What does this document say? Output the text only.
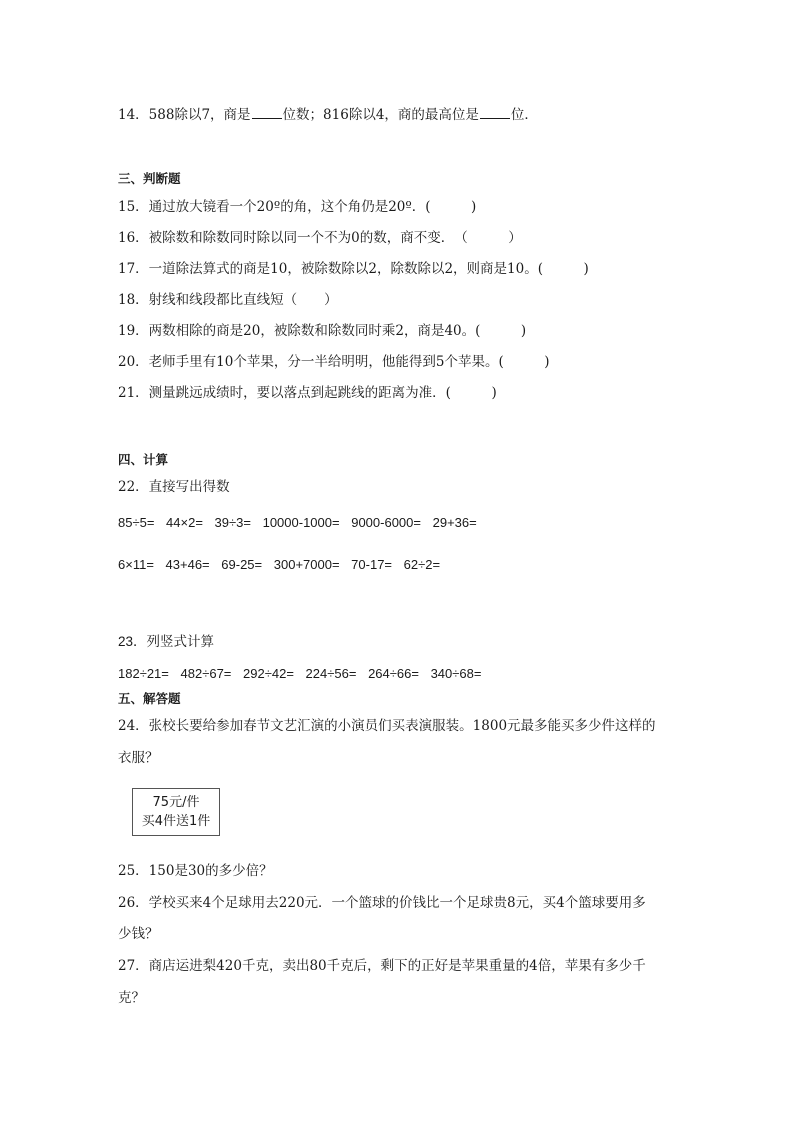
14．588除以7，商是 位数；816除以4，商的最高位是 位．
三、判断题
15．通过放大镜看一个20º的角，这个角仍是20º．(　　　)
16．被除数和除数同时除以同一个不为0的数，商不变．　（　　　）
17．一道除法算式的商是10，被除数除以2，除数除以2，则商是10。(　　　)
18．射线和线段都比直线短（　　）
19．两数相除的商是20，被除数和除数同时乘2，商是40。(　　　)
20．老师手里有10个苹果，分一半给明明，他能得到5个苹果。(　　　)
21．测量跳远成绩时，要以落点到起跳线的距离为准．(　　　)
四、计算
22．直接写出得数
85÷5= 44×2= 39÷3= 10000-1000= 9000-6000= 29+36=
6×11= 43+46= 69-25= 300+7000= 70-17= 62÷2=
23．列竖式计算
182÷21= 482÷67= 292÷42= 224÷56= 264÷66= 340÷68=
五、解答题
24．张校长要给参加春节文艺汇演的小演员们买表演服装。1800元最多能买多少件这样的
衣服？
75元/件
买4件送1件
25．150是30的多少倍？
26．学校买来4个足球用去220元．一个篮球的价钱比一个足球贵8元，买4个篮球要用多
少钱？
27．商店运进梨420千克，卖出80千克后，剩下的正好是苹果重量的4倍，苹果有多少千
克？
